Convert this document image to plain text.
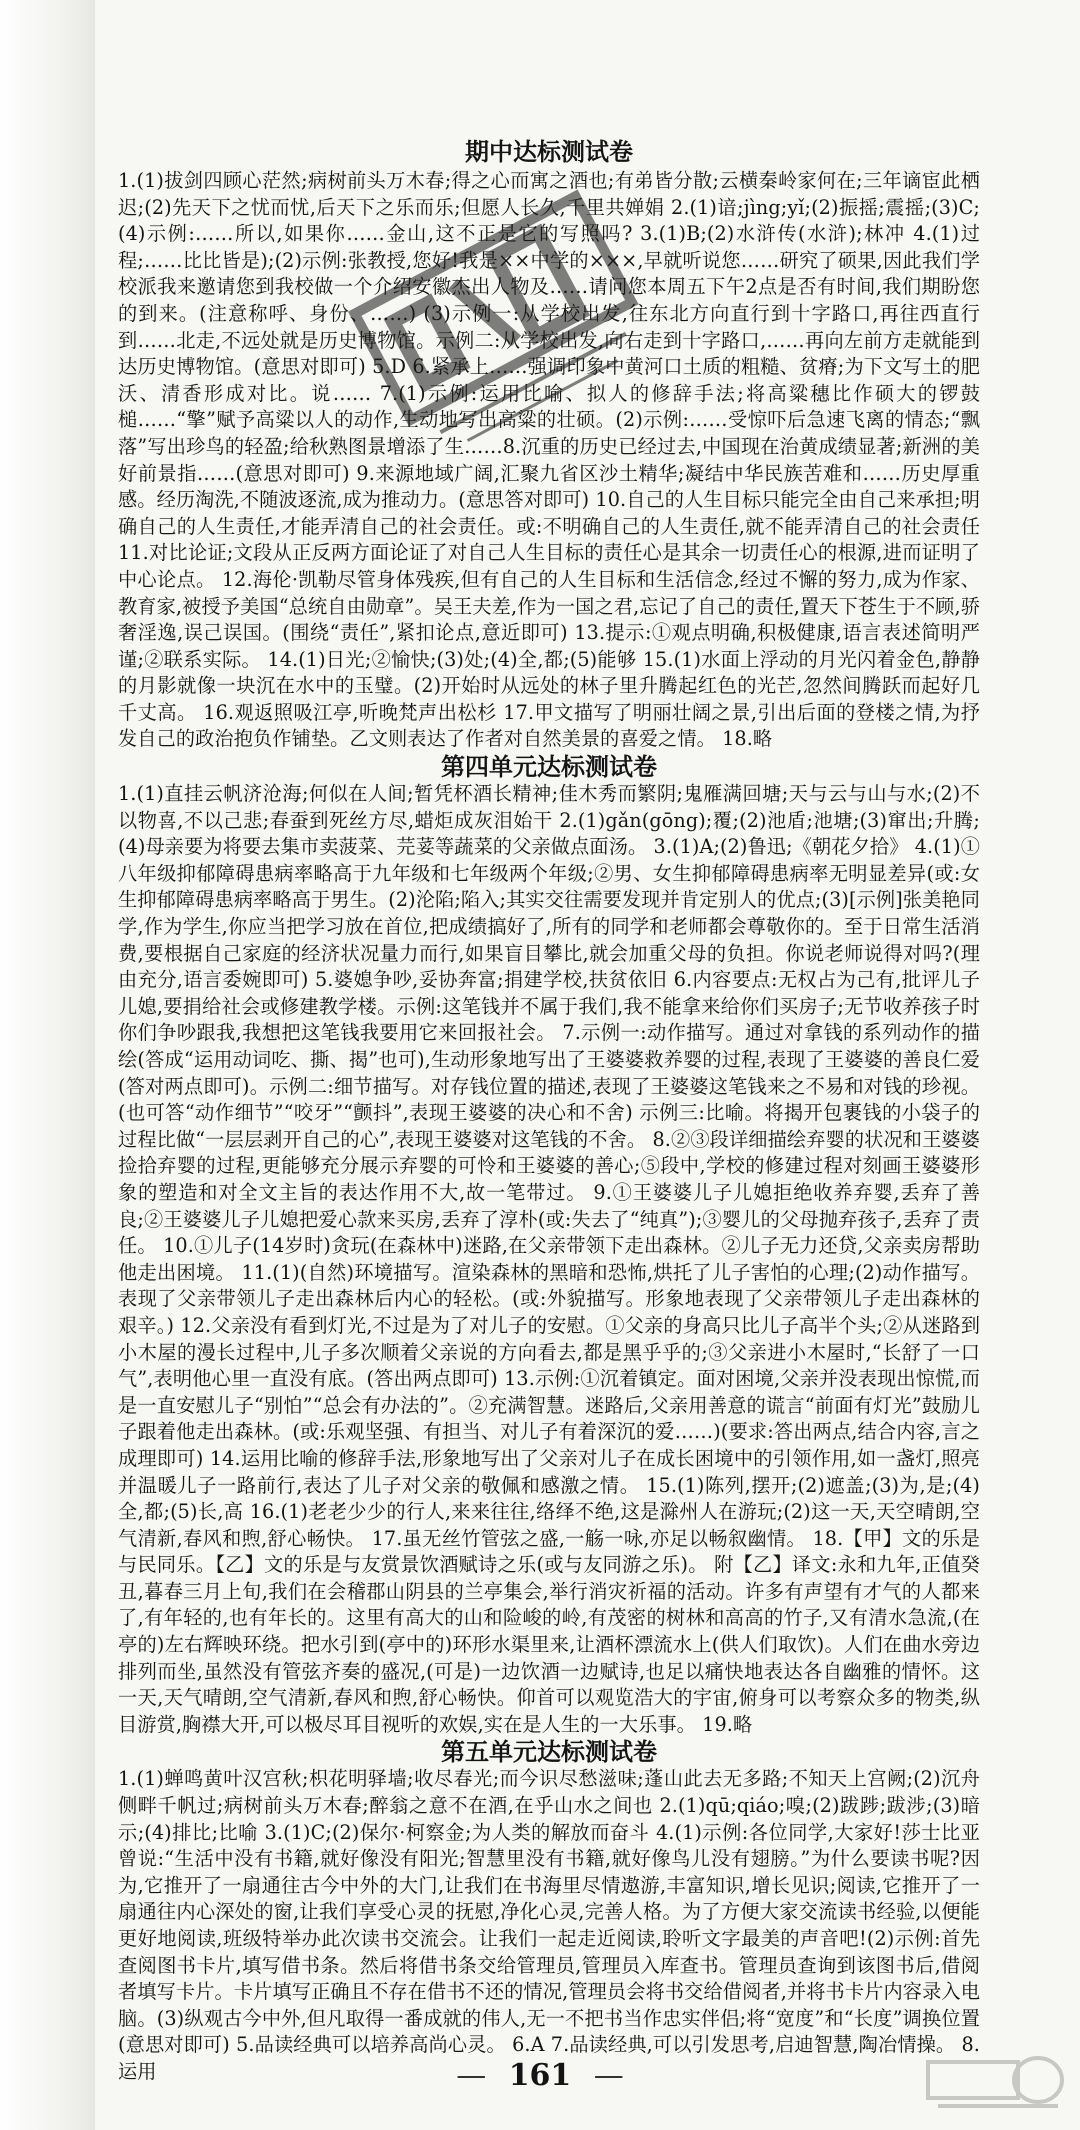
期中达标测试卷

1.(1)拔剑四顾心茫然;病树前头万木春;得之心而寓之酒也;有弟皆分散;云横秦岭家何在;三年谪宦此栖迟;(2)先天下之忧而忧,后天下之乐而乐;但愿人长久,千里共婵娟 2.(1)谙;jìng;yǐ;(2)振摇;震摇;(3)C;(4)示例:……所以,如果你……金山,这不正是它的写照吗? 3.(1)B;(2)水浒传(水浒);林冲 4.(1)过程;……比比皆是);(2)示例:张教授,您好!我是××中学的×××,早就听说您……研究了硕果,因此我们学校派我来邀请您到我校做一个介绍安徽杰出人物及……请问您本周五下午2点是否有时间,我们期盼您的到来。(注意称呼、身份、……) (3)示例一:从学校出发,往东北方向直行到十字路口,再往西直行到……北走,不远处就是历史博物馆。示例二:从学校出发,向右走到十字路口,……再向左前方走就能到达历史博物馆。(意思对即可) 5.D 6.紧承上……强调印象中黄河口土质的粗糙、贫瘠;为下文写土的肥沃、清香形成对比。说…… 7.(1)示例:运用比喻、拟人的修辞手法;将高粱穗比作硕大的锣鼓槌……“擎”赋予高粱以人的动作,生动地写出高粱的壮硕。(2)示例:……受惊吓后急速飞离的情态;“飘落”写出珍鸟的轻盈;给秋熟图景增添了生……8.沉重的历史已经过去,中国现在治黄成绩显著;新洲的美好前景指……(意思对即可) 9.来源地域广阔,汇聚九省区沙土精华;凝结中华民族苦难和……历史厚重感。经历淘洗,不随波逐流,成为推动力。(意思答对即可) 10.自己的人生目标只能完全由自己来承担;明确自己的人生责任,才能弄清自己的社会责任。或:不明确自己的人生责任,就不能弄清自己的社会责任 11.对比论证;文段从正反两方面论证了对自己人生目标的责任心是其余一切责任心的根源,进而证明了中心论点。 12.海伦·凯勒尽管身体残疾,但有自己的人生目标和生活信念,经过不懈的努力,成为作家、教育家,被授予美国“总统自由勋章”。吴王夫差,作为一国之君,忘记了自己的责任,置天下苍生于不顾,骄奢淫逸,误己误国。(围绕“责任”,紧扣论点,意近即可) 13.提示:①观点明确,积极健康,语言表述简明严谨;②联系实际。 14.(1)日光;②愉快;(3)处;(4)全,都;(5)能够 15.(1)水面上浮动的月光闪着金色,静静的月影就像一块沉在水中的玉璧。(2)开始时从远处的林子里升腾起红色的光芒,忽然间腾跃而起好几千丈高。 16.观返照吸江亭,听晚梵声出松杉 17.甲文描写了明丽壮阔之景,引出后面的登楼之情,为抒发自己的政治抱负作铺垫。乙文则表达了作者对自然美景的喜爱之情。 18.略

第四单元达标测试卷

1.(1)直挂云帆济沧海;何似在人间;暂凭杯酒长精神;佳木秀而繁阴;鬼雁满回塘;天与云与山与水;(2)不以物喜,不以己悲;春蚕到死丝方尽,蜡炬成灰泪始干 2.(1)gǎn(gōng);覆;(2)池盾;池塘;(3)窜出;升腾;(4)母亲要为将要去集市卖菠菜、芫荽等蔬菜的父亲做点面汤。 3.(1)A;(2)鲁迅;《朝花夕拾》 4.(1)①八年级抑郁障碍患病率略高于九年级和七年级两个年级;②男、女生抑郁障碍患病率无明显差异(或:女生抑郁障碍患病率略高于男生。(2)沦陷;陷入;其实交往需要发现并肯定别人的优点;(3)[示例]张美艳同学,作为学生,你应当把学习放在首位,把成绩搞好了,所有的同学和老师都会尊敬你的。至于日常生活消费,要根据自己家庭的经济状况量力而行,如果盲目攀比,就会加重父母的负担。你说老师说得对吗?(理由充分,语言委婉即可) 5.婆媳争吵,妥协奔富;捐建学校,扶贫依旧 6.内容要点:无权占为己有,批评儿子儿媳,要捐给社会或修建教学楼。示例:这笔钱并不属于我们,我不能拿来给你们买房子;无节收养孩子时你们争吵跟我,我想把这笔钱我要用它来回报社会。 7.示例一:动作描写。通过对拿钱的系列动作的描绘(答成“运用动词吃、撕、揭”也可),生动形象地写出了王婆婆救养婴的过程,表现了王婆婆的善良仁爱(答对两点即可)。示例二:细节描写。对存钱位置的描述,表现了王婆婆这笔钱来之不易和对钱的珍视。(也可答“动作细节”“咬牙”“颤抖”,表现王婆婆的决心和不舍) 示例三:比喻。将揭开包裹钱的小袋子的过程比做“一层层剥开自己的心”,表现王婆婆对这笔钱的不舍。 8.②③段详细描绘弃婴的状况和王婆婆捡拾弃婴的过程,更能够充分展示弃婴的可怜和王婆婆的善心;⑤段中,学校的修建过程对刻画王婆婆形象的塑造和对全文主旨的表达作用不大,故一笔带过。 9.①王婆婆儿子儿媳拒绝收养弃婴,丢弃了善良;②王婆婆儿子儿媳把爱心款来买房,丢弃了淳朴(或:失去了“纯真”);③婴儿的父母抛弃孩子,丢弃了责任。 10.①儿子(14岁时)贪玩(在森林中)迷路,在父亲带领下走出森林。②儿子无力还贷,父亲卖房帮助他走出困境。 11.(1)(自然)环境描写。渲染森林的黑暗和恐怖,烘托了儿子害怕的心理;(2)动作描写。表现了父亲带领儿子走出森林后内心的轻松。(或:外貌描写。形象地表现了父亲带领儿子走出森林的艰辛。) 12.父亲没有看到灯光,不过是为了对儿子的安慰。①父亲的身高只比儿子高半个头;②从迷路到小木屋的漫长过程中,儿子多次顺着父亲说的方向看去,都是黑乎乎的;③父亲进小木屋时,“长舒了一口气”,表明他心里一直没有底。(答出两点即可) 13.示例:①沉着镇定。面对困境,父亲并没表现出惊慌,而是一直安慰儿子“别怕”“总会有办法的”。②充满智慧。迷路后,父亲用善意的谎言“前面有灯光”鼓励儿子跟着他走出森林。(或:乐观坚强、有担当、对儿子有着深沉的爱……)(要求:答出两点,结合内容,言之成理即可) 14.运用比喻的修辞手法,形象地写出了父亲对儿子在成长困境中的引领作用,如一盏灯,照亮并温暖儿子一路前行,表达了儿子对父亲的敬佩和感激之情。 15.(1)陈列,摆开;(2)遮盖;(3)为,是;(4)全,都;(5)长,高 16.(1)老老少少的行人,来来往往,络绎不绝,这是滁州人在游玩;(2)这一天,天空晴朗,空气清新,春风和煦,舒心畅快。 17.虽无丝竹管弦之盛,一觞一咏,亦足以畅叙幽情。 18.【甲】文的乐是与民同乐。【乙】文的乐是与友赏景饮酒赋诗之乐(或与友同游之乐)。 附【乙】译文:永和九年,正值癸丑,暮春三月上旬,我们在会稽郡山阴县的兰亭集会,举行消灾祈福的活动。许多有声望有才气的人都来了,有年轻的,也有年长的。这里有高大的山和险峻的岭,有茂密的树林和高高的竹子,又有清水急流,(在亭的)左右辉映环绕。把水引到(亭中的)环形水渠里来,让酒杯漂流水上(供人们取饮)。人们在曲水旁边排列而坐,虽然没有管弦齐奏的盛况,(可是)一边饮酒一边赋诗,也足以痛快地表达各自幽雅的情怀。这一天,天气晴朗,空气清新,春风和煦,舒心畅快。仰首可以观览浩大的宇宙,俯身可以考察众多的物类,纵目游赏,胸襟大开,可以极尽耳目视听的欢娱,实在是人生的一大乐事。 19.略

第五单元达标测试卷

1.(1)蝉鸣黄叶汉宫秋;枳花明驿墙;收尽春光;而今识尽愁滋味;蓬山此去无多路;不知天上宫阙;(2)沉舟侧畔千帆过;病树前头万木春;醉翁之意不在酒,在乎山水之间也 2.(1)qū;qiáo;嗅;(2)跋踄;跋涉;(3)暗示;(4)排比;比喻 3.(1)C;(2)保尔·柯察金;为人类的解放而奋斗 4.(1)示例:各位同学,大家好!莎士比亚曾说:“生活中没有书籍,就好像没有阳光;智慧里没有书籍,就好像鸟儿没有翅膀。”为什么要读书呢?因为,它推开了一扇通往古今中外的大门,让我们在书海里尽情遨游,丰富知识,增长见识;阅读,它推开了一扇通往内心深处的窗,让我们享受心灵的抚慰,净化心灵,完善人格。为了方便大家交流读书经验,以便能更好地阅读,班级特举办此次读书交流会。让我们一起走近阅读,聆听文字最美的声音吧!(2)示例:首先查阅图书卡片,填写借书条。然后将借书条交给管理员,管理员入库查书。管理员查询到该图书后,借阅者填写卡片。卡片填写正确且不存在借书不还的情况,管理员会将书交给借阅者,并将书卡片内容录入电脑。(3)纵观古今中外,但凡取得一番成就的伟人,无一不把书当作忠实伴侣;将“宽度”和“长度”调换位置(意思对即可) 5.品读经典可以培养高尚心灵。 6.A 7.品读经典,可以引发思考,启迪智慧,陶冶情操。 8.运用	— 161 —
